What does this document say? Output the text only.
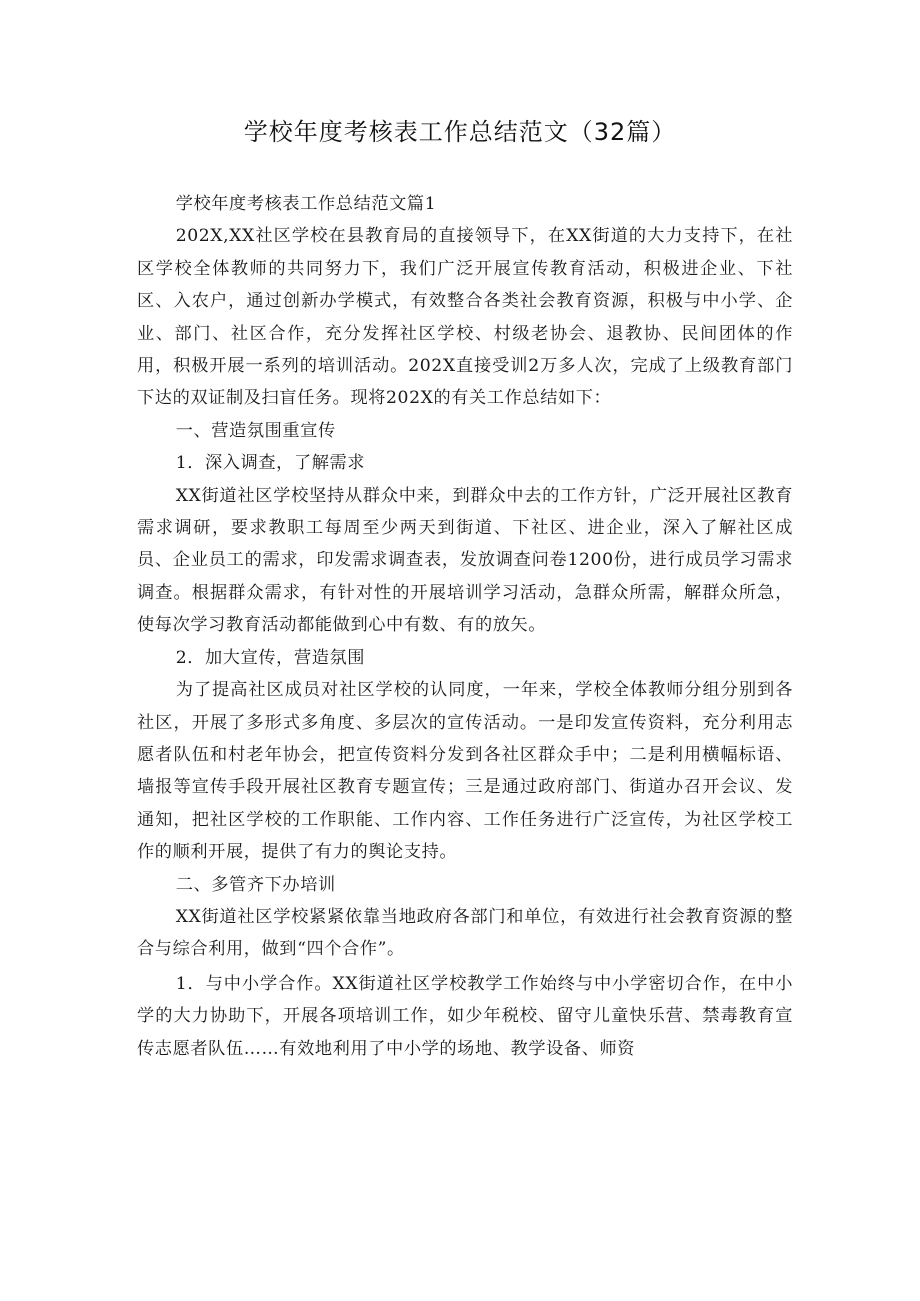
学校年度考核表工作总结范文（32篇）

学校年度考核表工作总结范文篇1

202X,XX社区学校在县教育局的直接领导下，在XX街道的大力支持下，在社区学校全体教师的共同努力下，我们广泛开展宣传教育活动，积极进企业、下社区、入农户，通过创新办学模式，有效整合各类社会教育资源，积极与中小学、企业、部门、社区合作，充分发挥社区学校、村级老协会、退教协、民间团体的作用，积极开展一系列的培训活动。202X直接受训2万多人次，完成了上级教育部门下达的双证制及扫盲任务。现将202X的有关工作总结如下：

一、营造氛围重宣传

1．深入调查，了解需求

XX街道社区学校坚持从群众中来，到群众中去的工作方针，广泛开展社区教育需求调研，要求教职工每周至少两天到街道、下社区、进企业，深入了解社区成员、企业员工的需求，印发需求调查表，发放调查问卷1200份，进行成员学习需求调查。根据群众需求，有针对性的开展培训学习活动，急群众所需，解群众所急，使每次学习教育活动都能做到心中有数、有的放矢。

2．加大宣传，营造氛围

为了提高社区成员对社区学校的认同度，一年来，学校全体教师分组分别到各社区，开展了多形式多角度、多层次的宣传活动。一是印发宣传资料，充分利用志愿者队伍和村老年协会，把宣传资料分发到各社区群众手中；二是利用横幅标语、墙报等宣传手段开展社区教育专题宣传；三是通过政府部门、街道办召开会议、发通知，把社区学校的工作职能、工作内容、工作任务进行广泛宣传，为社区学校工作的顺利开展，提供了有力的舆论支持。

二、多管齐下办培训

XX街道社区学校紧紧依靠当地政府各部门和单位，有效进行社会教育资源的整合与综合利用，做到“四个合作”。

1．与中小学合作。XX街道社区学校教学工作始终与中小学密切合作，在中小学的大力协助下，开展各项培训工作，如少年税校、留守儿童快乐营、禁毒教育宣传志愿者队伍……有效地利用了中小学的场地、教学设备、师资
